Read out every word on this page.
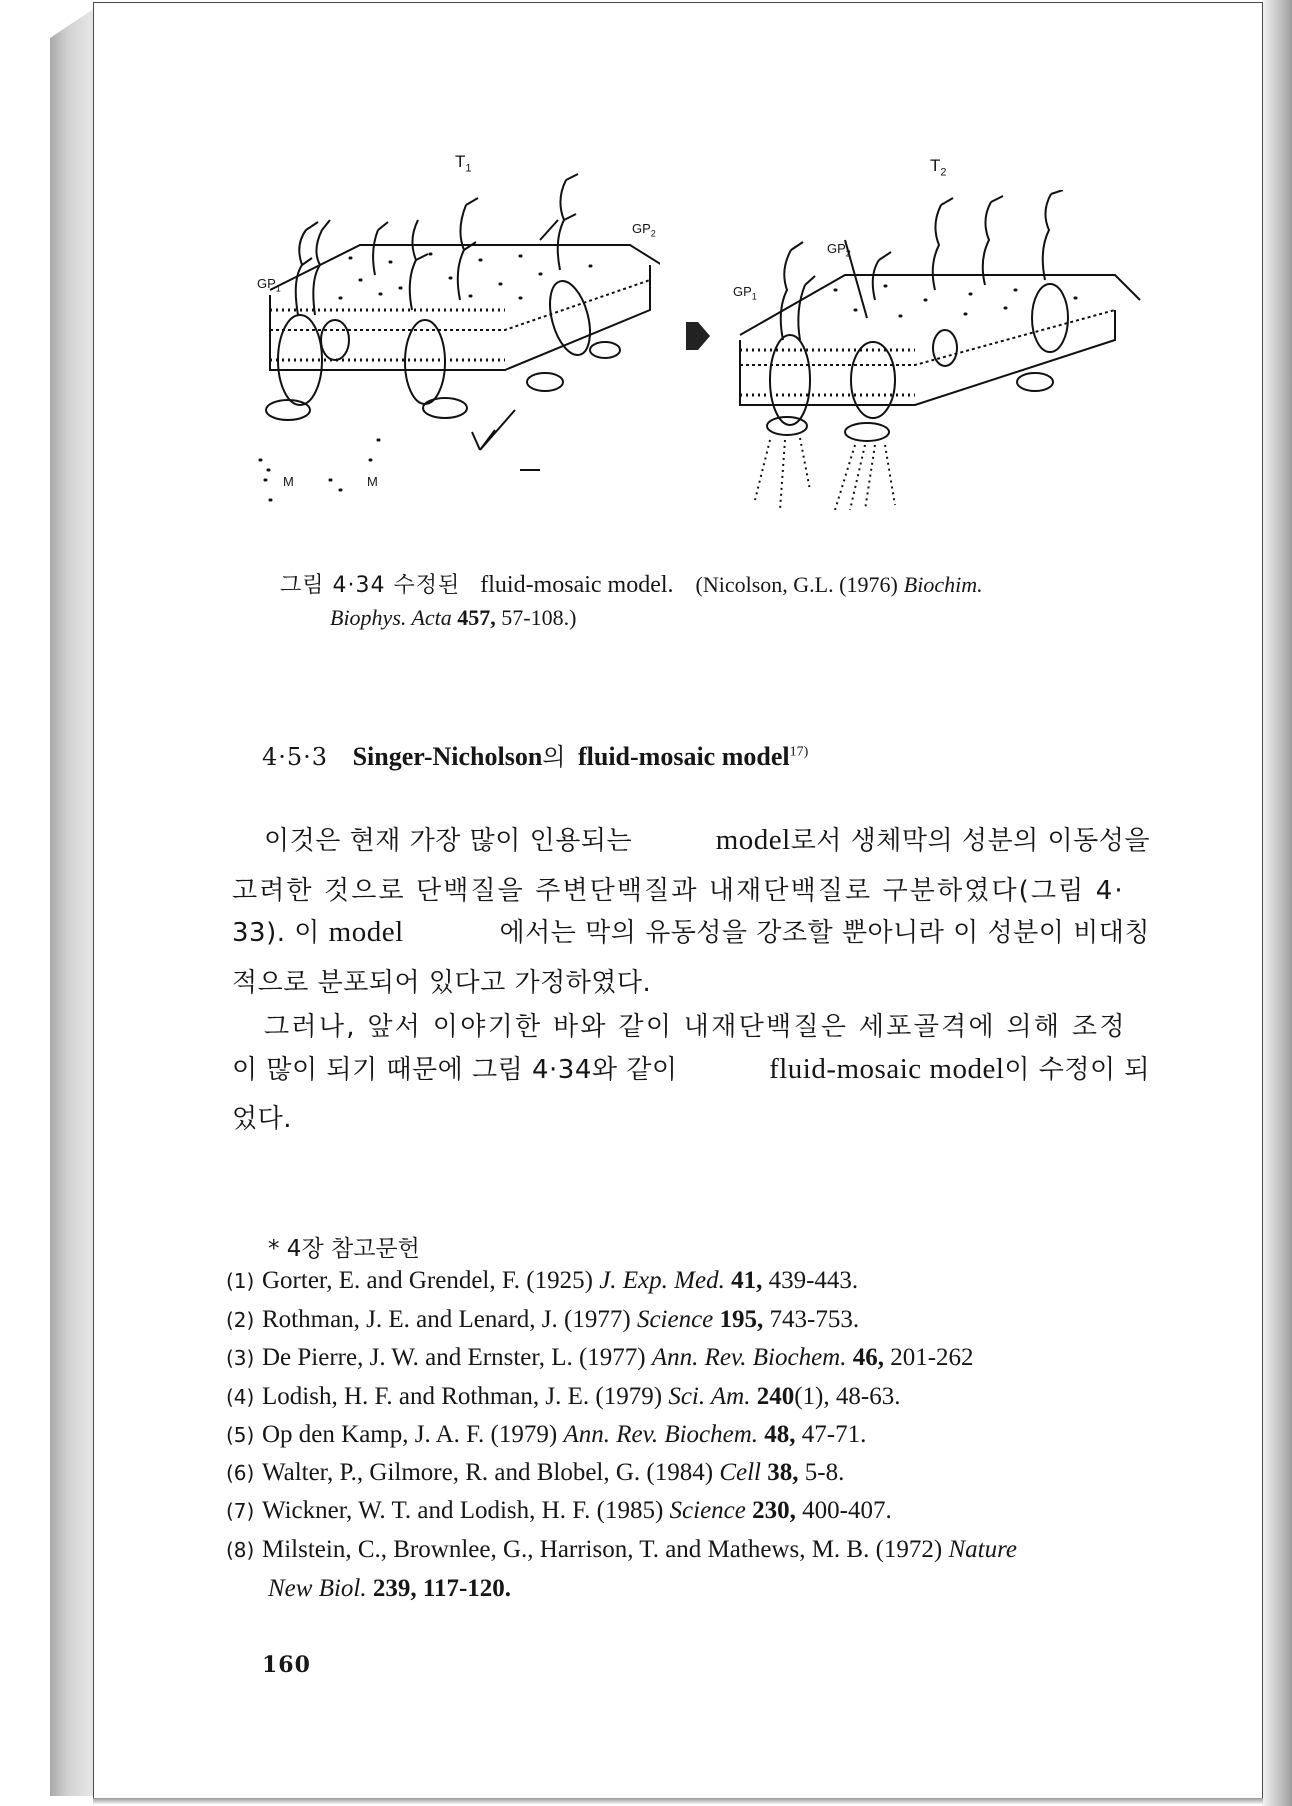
$T_1$	$T_2$
$GP_1$
$GP_2$
$GP_1$
$GP_2$
M	M
그림 4·34 수정된 fluid-mosaic model. (Nicolson, G.L. (1976) Biochim.
Biophys. Acta 457, 57-108.)
4·5·3 Singer-Nicholson의 fluid-mosaic model$^{17)}$
이것은 현재 가장 많이 인용되는	model로서 생체막의 성분의 이동성을
고려한 것으로 단백질을 주변단백질과 내재단백질로 구분하였다(그림 4·
33). 이 model	에서는 막의 유동성을 강조할 뿐아니라 이 성분이 비대칭
적으로 분포되어 있다고 가정하였다.
그러나, 앞서 이야기한 바와 같이 내재단백질은 세포골격에 의해 조정
이 많이 되기 때문에 그림 4·34와 같이	fluid-mosaic model이 수정이 되
었다.
* 4장 참고문헌
(1) Gorter, E. and Grendel, F. (1925) J. Exp. Med. 41, 439-443.
(2) Rothman, J. E. and Lenard, J. (1977) Science 195, 743-753.
(3) De Pierre, J. W. and Ernster, L. (1977) Ann. Rev. Biochem. 46, 201-262
(4) Lodish, H. F. and Rothman, J. E. (1979) Sci. Am. 240(1), 48-63.
(5) Op den Kamp, J. A. F. (1979) Ann. Rev. Biochem. 48, 47-71.
(6) Walter, P., Gilmore, R. and Blobel, G. (1984) Cell 38, 5-8.
(7) Wickner, W. T. and Lodish, H. F. (1985) Science 230, 400-407.
(8) Milstein, C., Brownlee, G., Harrison, T. and Mathews, M. B. (1972) Nature
New Biol. 239, 117-120.
160
